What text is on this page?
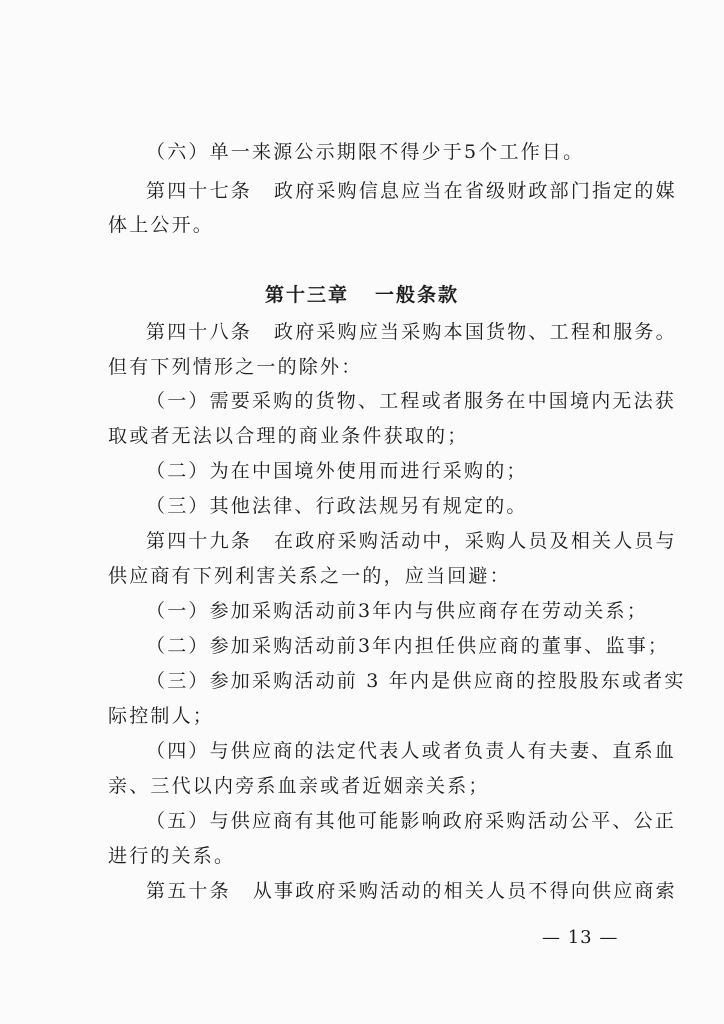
（六）单一来源公示期限不得少于5个工作日。
第四十七条 政府采购信息应当在省级财政部门指定的媒
体上公开。
第十三章 一般条款
第四十八条 政府采购应当采购本国货物、工程和服务。
但有下列情形之一的除外：
（一）需要采购的货物、工程或者服务在中国境内无法获
取或者无法以合理的商业条件获取的；
（二）为在中国境外使用而进行采购的；
（三）其他法律、行政法规另有规定的。
第四十九条 在政府采购活动中，采购人员及相关人员与
供应商有下列利害关系之一的，应当回避：
（一）参加采购活动前3年内与供应商存在劳动关系；
（二）参加采购活动前3年内担任供应商的董事、监事；
（三）参加采购活动前 3 年内是供应商的控股股东或者实
际控制人；
（四）与供应商的法定代表人或者负责人有夫妻、直系血
亲、三代以内旁系血亲或者近姻亲关系；
（五）与供应商有其他可能影响政府采购活动公平、公正
进行的关系。
第五十条 从事政府采购活动的相关人员不得向供应商索
— 13 —
